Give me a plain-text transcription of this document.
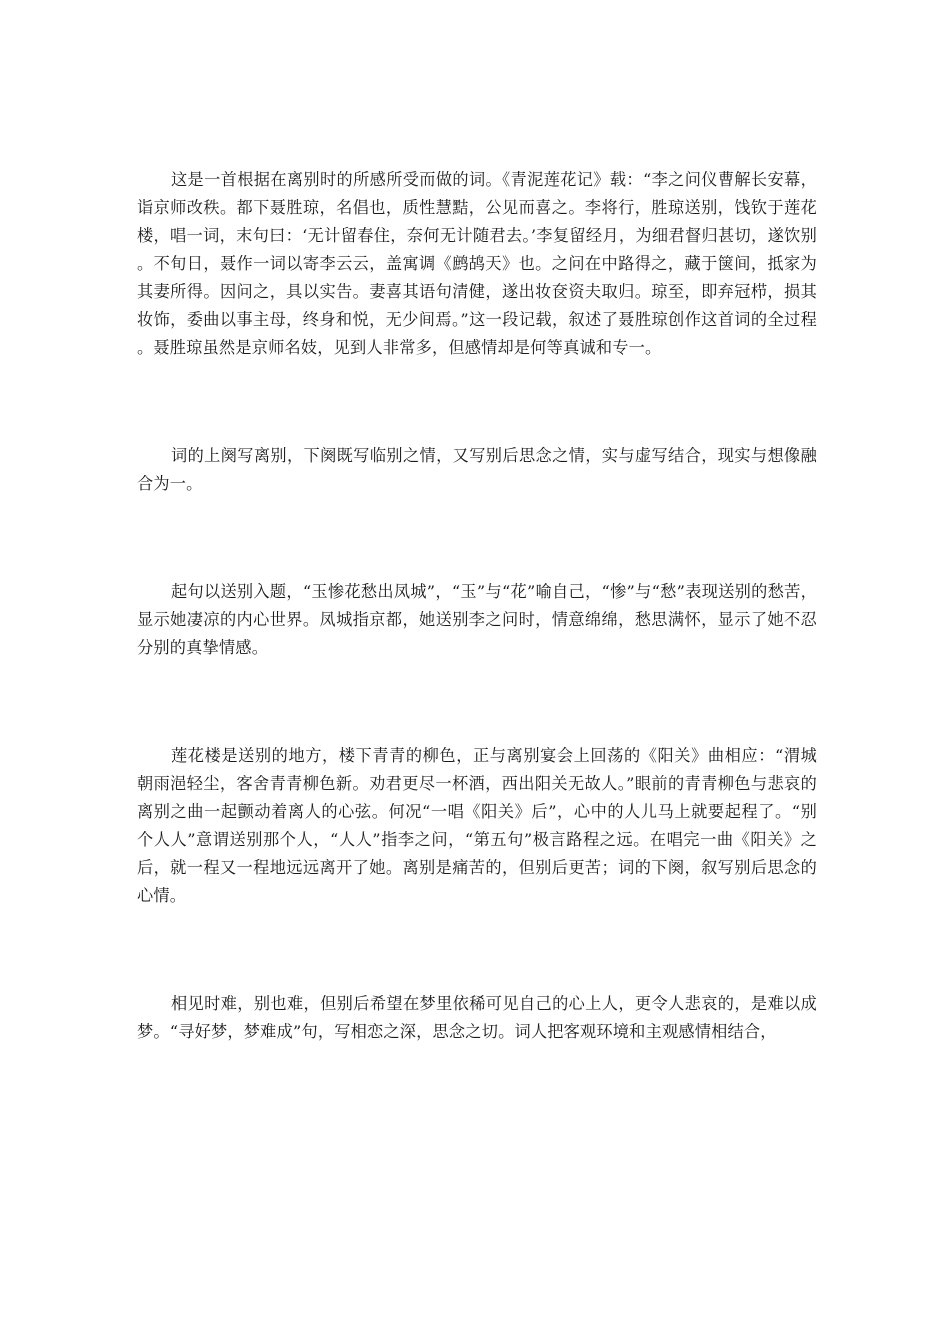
这是一首根据在离别时的所感所受而做的词。《青泥莲花记》载：“李之问仪曹解长安幕，诣京师改秩。都下聂胜琼，名倡也，质性慧黠，公见而喜之。李将行，胜琼送别，饯钦于莲花楼，唱一词，末句曰：‘无计留春住，奈何无计随君去。’李复留经月，为细君督归甚切，遂饮别。不旬日，聂作一词以寄李云云，盖寓调《鹧鸪天》也。之问在中路得之，藏于箧间，抵家为其妻所得。因问之，具以实告。妻喜其语句清健，遂出妆奁资夫取归。琼至，即弃冠栉，损其妆饰，委曲以事主母，终身和悦，无少间焉。”这一段记载，叙述了聂胜琼创作这首词的全过程。聂胜琼虽然是京师名妓，见到人非常多，但感情却是何等真诚和专一。

词的上阕写离别，下阕既写临别之情，又写别后思念之情，实与虚写结合，现实与想像融合为一。

起句以送别入题，“玉惨花愁出凤城”，“玉”与“花”喻自己，“惨”与“愁”表现送别的愁苦，显示她凄凉的内心世界。凤城指京都，她送别李之问时，情意绵绵，愁思满怀，显示了她不忍分别的真挚情感。

莲花楼是送别的地方，楼下青青的柳色，正与离别宴会上回荡的《阳关》曲相应：“渭城朝雨浥轻尘，客舍青青柳色新。劝君更尽一杯酒，西出阳关无故人。”眼前的青青柳色与悲哀的离别之曲一起颤动着离人的心弦。何况“一唱《阳关》后”，心中的人儿马上就要起程了。“别个人人”意谓送别那个人，“人人”指李之问，“第五句”极言路程之远。在唱完一曲《阳关》之后，就一程又一程地远远离开了她。离别是痛苦的，但别后更苦；词的下阕，叙写别后思念的心情。

相见时难，别也难，但别后希望在梦里依稀可见自己的心上人，更令人悲哀的，是难以成梦。“寻好梦，梦难成”句，写相恋之深，思念之切。词人把客观环境和主观感情相结合，
